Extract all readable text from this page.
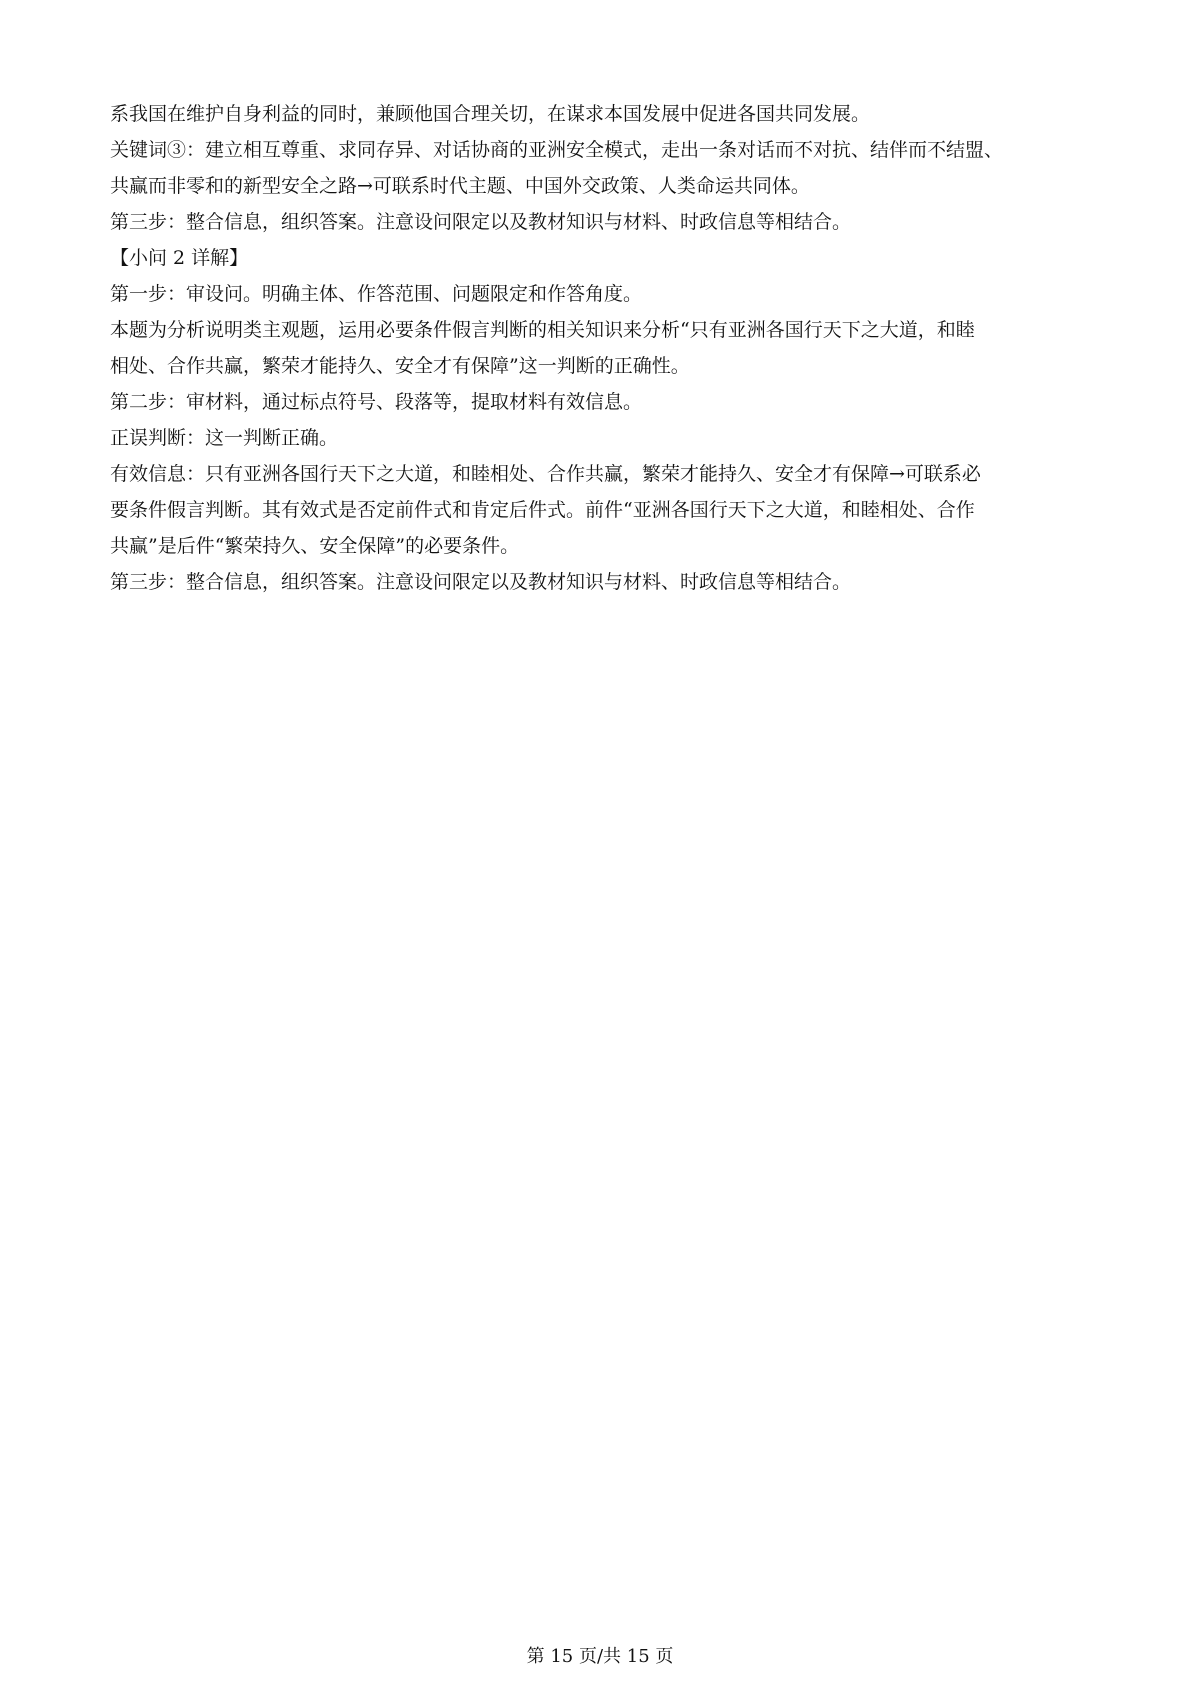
系我国在维护自身利益的同时，兼顾他国合理关切，在谋求本国发展中促进各国共同发展。
关键词③：建立相互尊重、求同存异、对话协商的亚洲安全模式，走出一条对话而不对抗、结伴而不结盟、
共赢而非零和的新型安全之路→可联系时代主题、中国外交政策、人类命运共同体。
第三步：整合信息，组织答案。注意设问限定以及教材知识与材料、时政信息等相结合。
【小问 2 详解】
第一步：审设问。明确主体、作答范围、问题限定和作答角度。
本题为分析说明类主观题，运用必要条件假言判断的相关知识来分析“只有亚洲各国行天下之大道，和睦
相处、合作共赢，繁荣才能持久、安全才有保障”这一判断的正确性。
第二步：审材料，通过标点符号、段落等，提取材料有效信息。
正误判断：这一判断正确。
有效信息：只有亚洲各国行天下之大道，和睦相处、合作共赢，繁荣才能持久、安全才有保障→可联系必
要条件假言判断。其有效式是否定前件式和肯定后件式。前件“亚洲各国行天下之大道，和睦相处、合作
共赢”是后件“繁荣持久、安全保障”的必要条件。
第三步：整合信息，组织答案。注意设问限定以及教材知识与材料、时政信息等相结合。
第 15 页/共 15 页
